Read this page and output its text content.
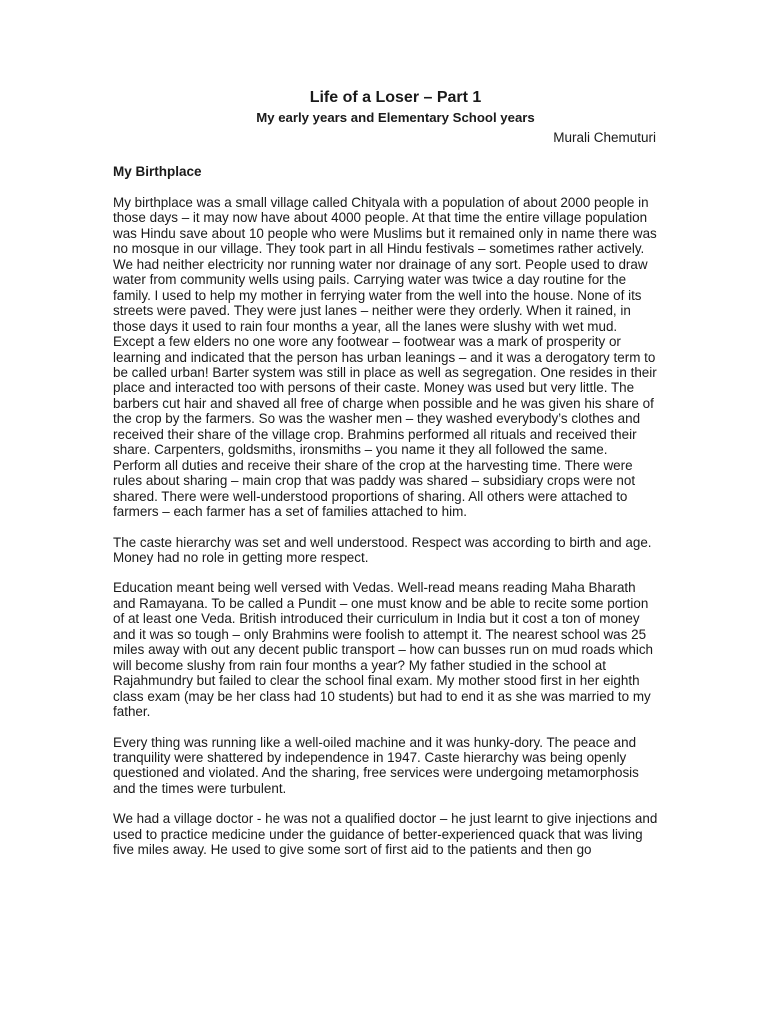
Life of a Loser – Part 1
My early years and Elementary School years
Murali Chemuturi
My Birthplace

My birthplace was a small village called Chityala with a population of about 2000 people in those days – it may now have about 4000 people. At that time the entire village population was Hindu save about 10 people who were Muslims but it remained only in name there was no mosque in our village. They took part in all Hindu festivals – sometimes rather actively. We had neither electricity nor running water nor drainage of any sort. People used to draw water from community wells using pails. Carrying water was twice a day routine for the family. I used to help my mother in ferrying water from the well into the house. None of its streets were paved. They were just lanes – neither were they orderly. When it rained, in those days it used to rain four months a year, all the lanes were slushy with wet mud. Except a few elders no one wore any footwear – footwear was a mark of prosperity or learning and indicated that the person has urban leanings – and it was a derogatory term to be called urban! Barter system was still in place as well as segregation. One resides in their place and interacted too with persons of their caste. Money was used but very little. The barbers cut hair and shaved all free of charge when possible and he was given his share of the crop by the farmers. So was the washer men – they washed everybody’s clothes and received their share of the village crop. Brahmins performed all rituals and received their share. Carpenters, goldsmiths, ironsmiths – you name it they all followed the same. Perform all duties and receive their share of the crop at the harvesting time. There were rules about sharing – main crop that was paddy was shared – subsidiary crops were not shared. There were well-understood proportions of sharing. All others were attached to farmers – each farmer has a set of families attached to him.

The caste hierarchy was set and well understood. Respect was according to birth and age. Money had no role in getting more respect.

Education meant being well versed with Vedas. Well-read means reading Maha Bharath and Ramayana. To be called a Pundit – one must know and be able to recite some portion of at least one Veda. British introduced their curriculum in India but it cost a ton of money and it was so tough – only Brahmins were foolish to attempt it. The nearest school was 25 miles away with out any decent public transport – how can busses run on mud roads which will become slushy from rain four months a year? My father studied in the school at Rajahmundry but failed to clear the school final exam. My mother stood first in her eighth class exam (may be her class had 10 students) but had to end it as she was married to my father.

Every thing was running like a well-oiled machine and it was hunky-dory. The peace and tranquility were shattered by independence in 1947. Caste hierarchy was being openly questioned and violated. And the sharing, free services were undergoing metamorphosis and the times were turbulent.

We had a village doctor - he was not a qualified doctor – he just learnt to give injections and used to practice medicine under the guidance of better-experienced quack that was living five miles away. He used to give some sort of first aid to the patients and then go
